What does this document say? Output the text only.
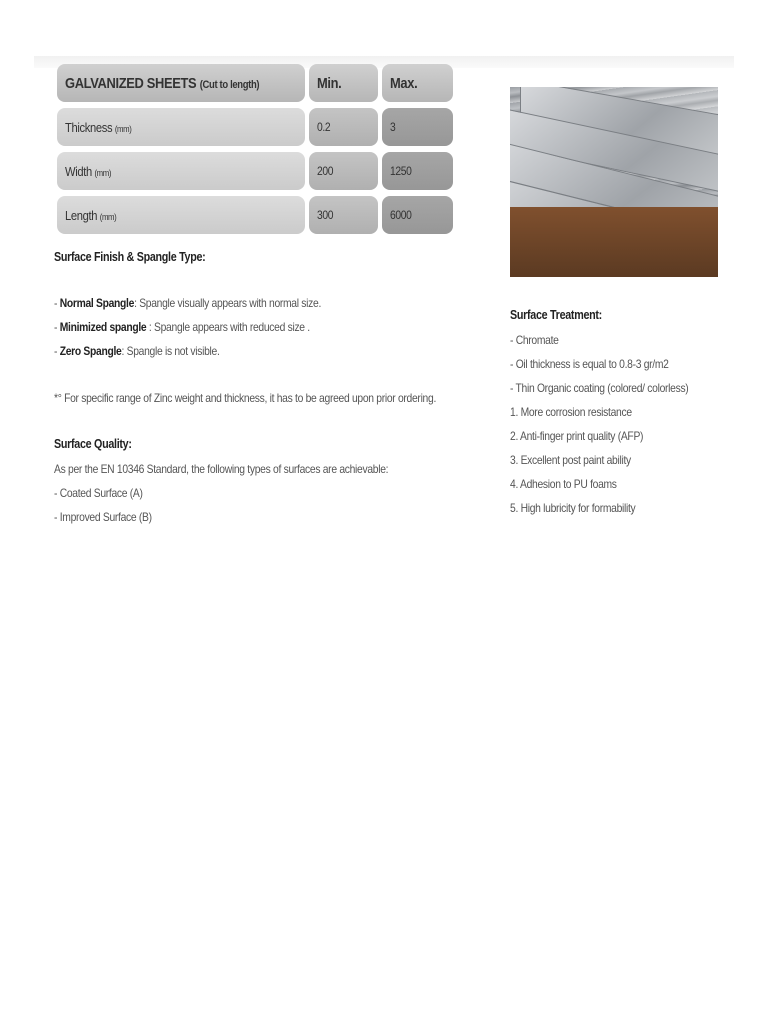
GALVANIZED SHEETS (Cut to length)	Min.	Max.
Thickness (mm)	0.2	3
Width (mm)	200	1250
Length (mm)	300	6000
Surface Finish & Spangle Type:
- Normal Spangle: Spangle visually appears with normal size.
- Minimized spangle : Spangle appears with reduced size .
- Zero Spangle: Spangle is not visible.
*° For specific range of Zinc weight and thickness, it has to be agreed upon prior ordering.
Surface Quality:
As per the EN 10346 Standard, the following types of surfaces are achievable:
- Coated Surface (A)
- Improved Surface (B)
Surface Treatment:
- Chromate
- Oil thickness is equal to 0.8-3 gr/m2
- Thin Organic coating (colored/ colorless)
1. More corrosion resistance
2. Anti-finger print quality (AFP)
3. Excellent post paint ability
4. Adhesion to PU foams
5. High lubricity for formability
